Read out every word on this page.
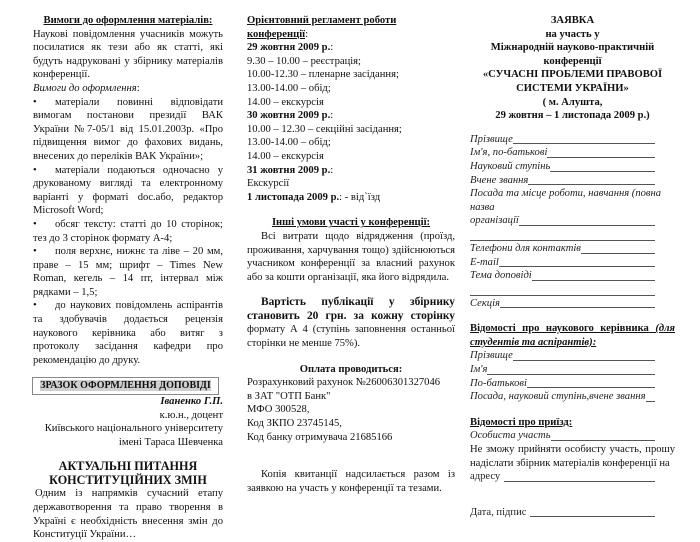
Вимоги до оформлення матеріалів:
Наукові повідомлення учасників можуть посилатися як тези або як статті, які будуть надруковані у збірнику матеріалів конференції.
Вимоги до оформлення:
• матеріали повинні відповідати вимогам постанови президії ВАК України №7-05/1 від 15.01.2003р. «Про підвищення вимог до фахових видань, внесених до переліків ВАК України»;
• матеріали подаються одночасно у друкованому вигляді та електронному варіанті у форматі doc.або, редактор Microsoft Word;
• обсяг тексту: статті до 10 сторінок; тез до 3 сторінок формату А-4;
• поля верхнє, нижнє та ліве – 20 мм, праве – 15 мм; шрифт – Times New Roman, кегель – 14 пт, інтервал між рядками – 1,5;
• до наукових повідомлень аспірантів та здобувачів додається рецензія наукового керівника або витяг з протоколу засідання кафедри про рекомендацію до друку.
ЗРАЗОК ОФОРМЛЕННЯ ДОПОВІДІ
Іваненко Г.П.
к.ю.н., доцент
Київського національного університету
імені Тараса Шевченка
АКТУАЛЬНІ ПИТАННЯ
КОНСТИТУЦІЙНИХ ЗМІН
Одним із напрямків сучасний етапу державотворення та право творення в Україні є необхідність внесення змін до Конституції України…
Орієнтовний регламент роботи конференції:
29 жовтня 2009 р.:
9.30 – 10.00 – реєстрація;
10.00-12.30 – пленарне засідання;
13.00-14.00 – обід;
14.00 – екскурсія
30 жовтня 2009 р.:
10.00 – 12.30 – секційні засідання;
13.00-14.00 – обід;
14.00 – екскурсія
31 жовтня 2009 р.:
Екскурсії
1 листопада 2009 р.: - від`їзд
Інші умови участі у конференції:
Всі витрати щодо відрядження (проїзд, проживання, харчування тощо) здійснюються учасником конференції за власний рахунок або за кошти організації, яка його відрядила.
Вартість публікації у збірнику становить 20 грн. за кожну сторінку формату А 4 (ступінь заповнення останньої сторінки не менше 75%).
Оплата проводиться:
Розрахунковий рахунок №26006301327046
в ЗАТ "ОТП Банк"
МФО 300528,
Код ЗКПО 23745145,
Код банку отримувача 21685166
Копія квитанції надсилається разом із заявкою на участь у конференції та тезами.
ЗАЯВКА
на участь у
Міжнародній науково-практичній
конференції
«СУЧАСНІ ПРОБЛЕМИ ПРАВОВОЇ
СИСТЕМИ УКРАЇНИ»
( м. Алушта,
29 жовтня – 1 листопада 2009 р.)
Прізвище
Ім'я, по-батькові
Науковий ступінь
Вчене звання
Посада та місце роботи, навчання (повна назва
організації
Телефони для контактів
E-mail
Тема доповіді
Секція
Відомості про наукового керівника (для студентів та аспірантів):
Прізвище
Ім'я
По-батькові
Посада, науковий ступінь,вчене звання
Відомості про приїзд:
Особиста участь
Не зможу прийняти особисту участь, прошу надіслати збірник матеріалів конференції на
адресу
Дата, підпис
